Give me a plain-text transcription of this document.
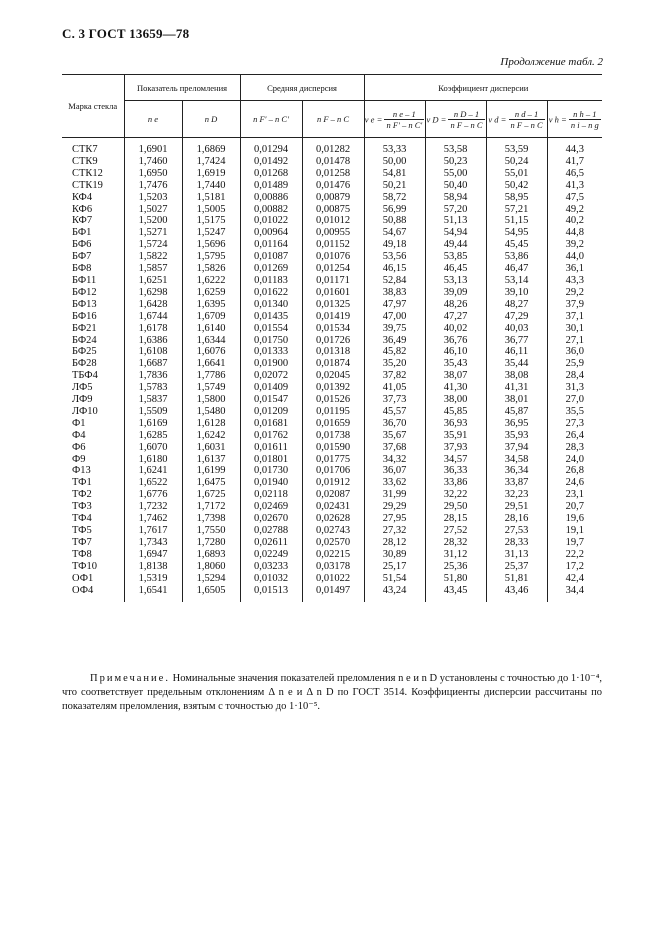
С. 3 ГОСТ 13659—78
Продолжение табл. 2
Марка стекла	Показатель преломления		Средняя дисперсия		Коэффициент дисперсии			
	n e	n D	n F′ – n C′	n F – n C	ν $e = \frac{\text{n e – 1}}{\text{n F′ – n C′}}$	ν $D = \frac{\text{n D – 1}}{\text{n F – n C}}$	ν $d = \frac{\text{n d – 1}}{\text{n F – n C}}$	ν $h = \frac{\text{n h – 1}}{\text{n i – n g}}$

СТК7	1,6901	1,6869	0,01294	0,01282	53,33	53,58	53,59	44,3
СТК9	1,7460	1,7424	0,01492	0,01478	50,00	50,23	50,24	41,7
СТК12	1,6950	1,6919	0,01268	0,01258	54,81	55,00	55,01	46,5
СТК19	1,7476	1,7440	0,01489	0,01476	50,21	50,40	50,42	41,3
КФ4	1,5203	1,5181	0,00886	0,00879	58,72	58,94	58,95	47,5
КФ6	1,5027	1,5005	0,00882	0,00875	56,99	57,20	57,21	49,2
КФ7	1,5200	1,5175	0,01022	0,01012	50,88	51,13	51,15	40,2
БФ1	1,5271	1,5247	0,00964	0,00955	54,67	54,94	54,95	44,8
БФ6	1,5724	1,5696	0,01164	0,01152	49,18	49,44	45,45	39,2
БФ7	1,5822	1,5795	0,01087	0,01076	53,56	53,85	53,86	44,0
БФ8	1,5857	1,5826	0,01269	0,01254	46,15	46,45	46,47	36,1
БФ11	1,6251	1,6222	0,01183	0,01171	52,84	53,13	53,14	43,3
БФ12	1,6298	1,6259	0,01622	0,01601	38,83	39,09	39,10	29,2
БФ13	1,6428	1,6395	0,01340	0,01325	47,97	48,26	48,27	37,9
БФ16	1,6744	1,6709	0,01435	0,01419	47,00	47,27	47,29	37,1
БФ21	1,6178	1,6140	0,01554	0,01534	39,75	40,02	40,03	30,1
БФ24	1,6386	1,6344	0,01750	0,01726	36,49	36,76	36,77	27,1
БФ25	1,6108	1,6076	0,01333	0,01318	45,82	46,10	46,11	36,0
БФ28	1,6687	1,6641	0,01900	0,01874	35,20	35,43	35,44	25,9
ТБФ4	1,7836	1,7786	0,02072	0,02045	37,82	38,07	38,08	28,4
ЛФ5	1,5783	1,5749	0,01409	0,01392	41,05	41,30	41,31	31,3
ЛФ9	1,5837	1,5800	0,01547	0,01526	37,73	38,00	38,01	27,0
ЛФ10	1,5509	1,5480	0,01209	0,01195	45,57	45,85	45,87	35,5
Ф1	1,6169	1,6128	0,01681	0,01659	36,70	36,93	36,95	27,3
Ф4	1,6285	1,6242	0,01762	0,01738	35,67	35,91	35,93	26,4
Ф6	1,6070	1,6031	0,01611	0,01590	37,68	37,93	37,94	28,3
Ф9	1,6180	1,6137	0,01801	0,01775	34,32	34,57	34,58	24,0
Ф13	1,6241	1,6199	0,01730	0,01706	36,07	36,33	36,34	26,8
ТФ1	1,6522	1,6475	0,01940	0,01912	33,62	33,86	33,87	24,6
ТФ2	1,6776	1,6725	0,02118	0,02087	31,99	32,22	32,23	23,1
ТФ3	1,7232	1,7172	0,02469	0,02431	29,29	29,50	29,51	20,7
ТФ4	1,7462	1,7398	0,02670	0,02628	27,95	28,15	28,16	19,6
ТФ5	1,7617	1,7550	0,02788	0,02743	27,32	27,52	27,53	19,1
ТФ7	1,7343	1,7280	0,02611	0,02570	28,12	28,32	28,33	19,7
ТФ8	1,6947	1,6893	0,02249	0,02215	30,89	31,12	31,13	22,2
ТФ10	1,8138	1,8060	0,03233	0,03178	25,17	25,36	25,37	17,2
ОФ1	1,5319	1,5294	0,01032	0,01022	51,54	51,80	51,81	42,4
ОФ4	1,6541	1,6505	0,01513	0,01497	43,24	43,45	43,46	34,4
Примечание. Номинальные значения показателей преломления n e и n D установлены с точностью до 1·10⁻⁴, что соответствует предельным отклонениям Δ n e и Δ n D по ГОСТ 3514. Коэффициенты дисперсии рассчитаны по показателям преломления, взятым с точностью до 1·10⁻⁵.
